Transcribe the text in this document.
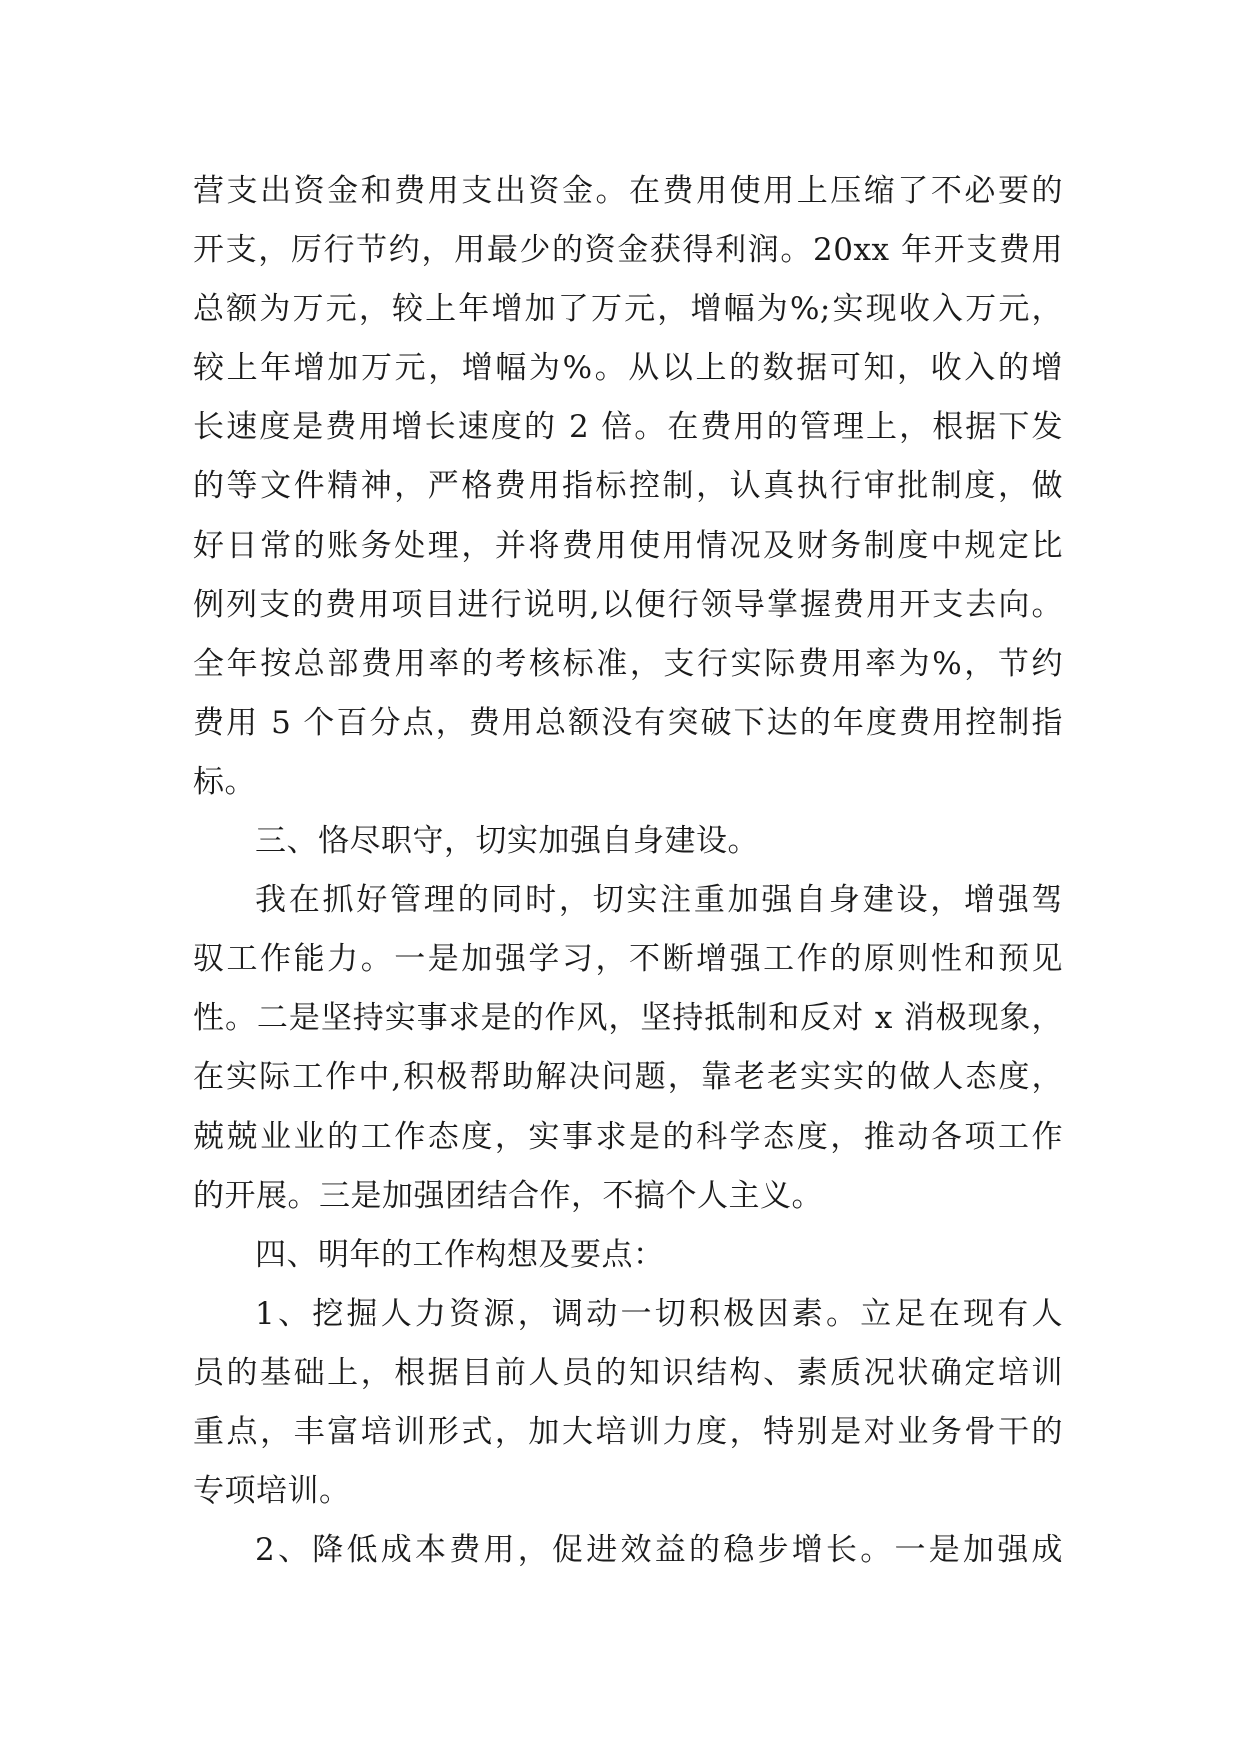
营支出资金和费用支出资金。在费用使用上压缩了不必要的
开支，厉行节约，用最少的资金获得利润。20xx 年开支费用
总额为万元，较上年增加了万元，增幅为%;实现收入万元，
较上年增加万元，增幅为%。从以上的数据可知，收入的增
长速度是费用增长速度的 2 倍。在费用的管理上，根据下发
的等文件精神，严格费用指标控制，认真执行审批制度，做
好日常的账务处理，并将费用使用情况及财务制度中规定比
例列支的费用项目进行说明,以便行领导掌握费用开支去向。
全年按总部费用率的考核标准，支行实际费用率为%，节约
费用 5 个百分点，费用总额没有突破下达的年度费用控制指
标。
三、恪尽职守，切实加强自身建设。
我在抓好管理的同时，切实注重加强自身建设，增强驾
驭工作能力。一是加强学习，不断增强工作的原则性和预见
性。二是坚持实事求是的作风，坚持抵制和反对 x 消极现象，
在实际工作中,积极帮助解决问题，靠老老实实的做人态度，
兢兢业业的工作态度，实事求是的科学态度，推动各项工作
的开展。三是加强团结合作，不搞个人主义。
四、明年的工作构想及要点：
1、挖掘人力资源，调动一切积极因素。立足在现有人
员的基础上，根据目前人员的知识结构、素质况状确定培训
重点，丰富培训形式，加大培训力度，特别是对业务骨干的
专项培训。
2、降低成本费用，促进效益的稳步增长。一是加强成
